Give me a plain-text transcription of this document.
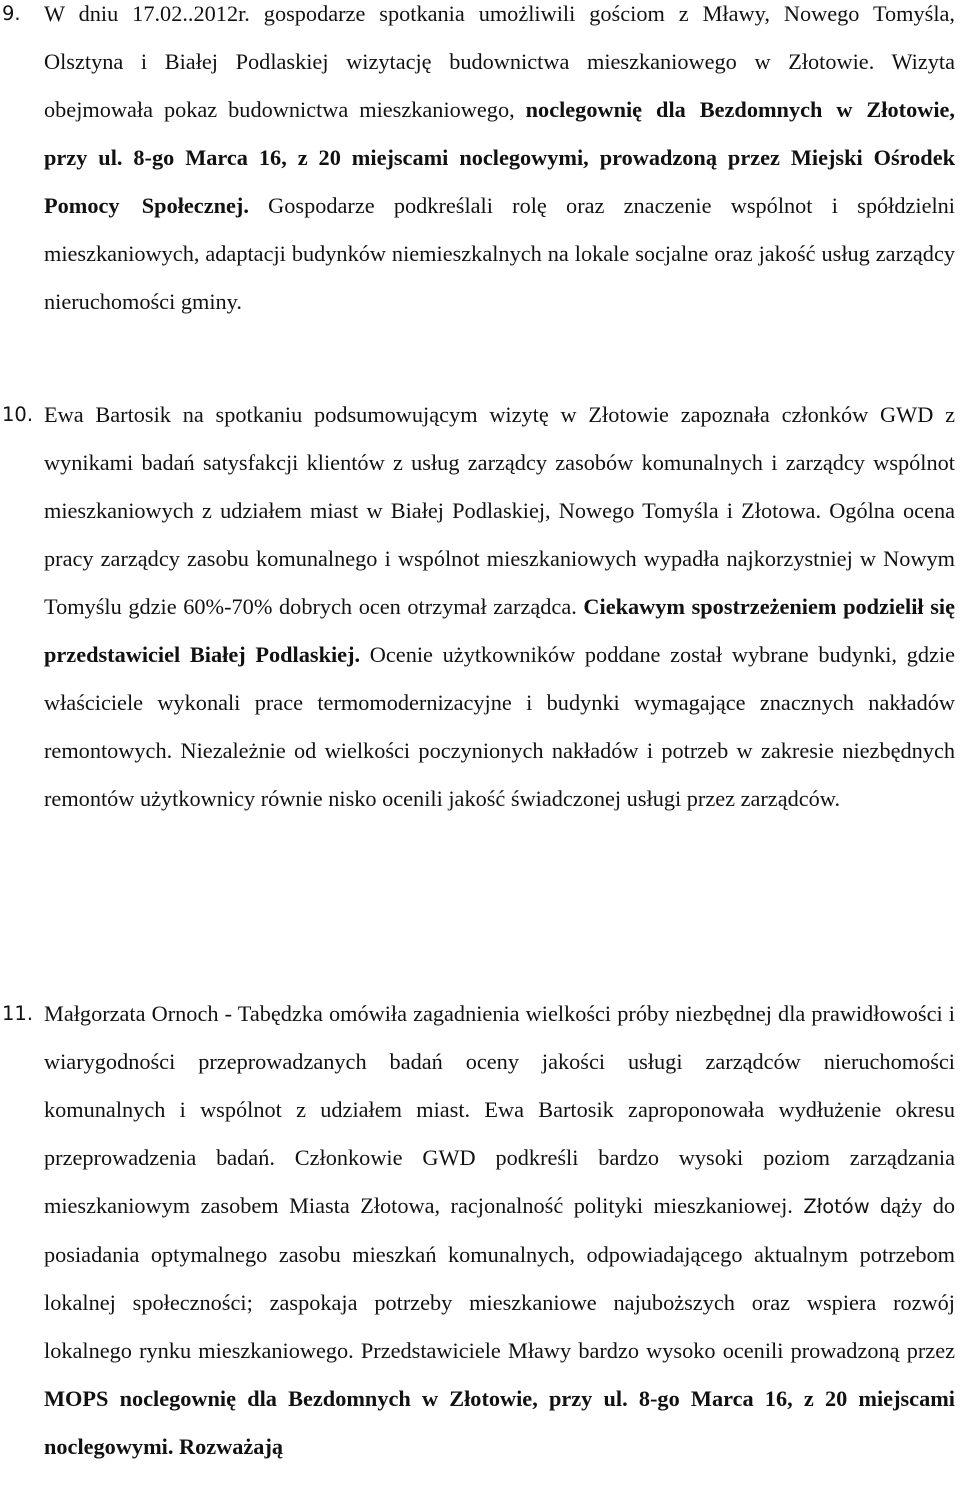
9. W dniu 17.02..2012r. gospodarze spotkania umożliwili gościom z Mławy, Nowego Tomyśla, Olsztyna i Białej Podlaskiej wizytację budownictwa mieszkaniowego w Złotowie. Wizyta obejmowała pokaz budownictwa mieszkaniowego, noclegownię dla Bezdomnych w Złotowie, przy ul. 8-go Marca 16, z 20 miejscami noclegowymi, prowadzoną przez Miejski Ośrodek Pomocy Społecznej. Gospodarze podkreślali rolę oraz znaczenie wspólnot i spółdzielni mieszkaniowych, adaptacji budynków niemieszkalnych na lokale socjalne oraz jakość usług zarządcy nieruchomości gminy.

10. Ewa Bartosik na spotkaniu podsumowującym wizytę w Złotowie zapoznała członków GWD z wynikami badań satysfakcji klientów z usług zarządcy zasobów komunalnych i zarządcy wspólnot mieszkaniowych z udziałem miast w Białej Podlaskiej, Nowego Tomyśla i Złotowa. Ogólna ocena pracy zarządcy zasobu komunalnego i wspólnot mieszkaniowych wypadła najkorzystniej w Nowym Tomyślu gdzie 60%-70% dobrych ocen otrzymał zarządca. Ciekawym spostrzeżeniem podzielił się przedstawiciel Białej Podlaskiej. Ocenie użytkowników poddane został wybrane budynki, gdzie właściciele wykonali prace termomodernizacyjne i budynki wymagające znacznych nakładów remontowych. Niezależnie od wielkości poczynionych nakładów i potrzeb w zakresie niezbędnych remontów użytkownicy równie nisko ocenili jakość świadczonej usługi przez zarządców.

11. Małgorzata Ornoch - Tabędzka omówiła zagadnienia wielkości próby niezbędnej dla prawidłowości i wiarygodności przeprowadzanych badań oceny jakości usługi zarządców nieruchomości komunalnych i wspólnot z udziałem miast. Ewa Bartosik zaproponowała wydłużenie okresu przeprowadzenia badań. Członkowie GWD podkreśli bardzo wysoki poziom zarządzania mieszkaniowym zasobem Miasta Złotowa, racjonalność polityki mieszkaniowej. Złotów dąży do posiadania optymalnego zasobu mieszkań komunalnych, odpowiadającego aktualnym potrzebom lokalnej społeczności; zaspokaja potrzeby mieszkaniowe najuboższych oraz wspiera rozwój lokalnego rynku mieszkaniowego. Przedstawiciele Mławy bardzo wysoko ocenili prowadzoną przez MOPS noclegownię dla Bezdomnych w Złotowie, przy ul. 8-go Marca 16, z 20 miejscami noclegowymi. Rozważają
